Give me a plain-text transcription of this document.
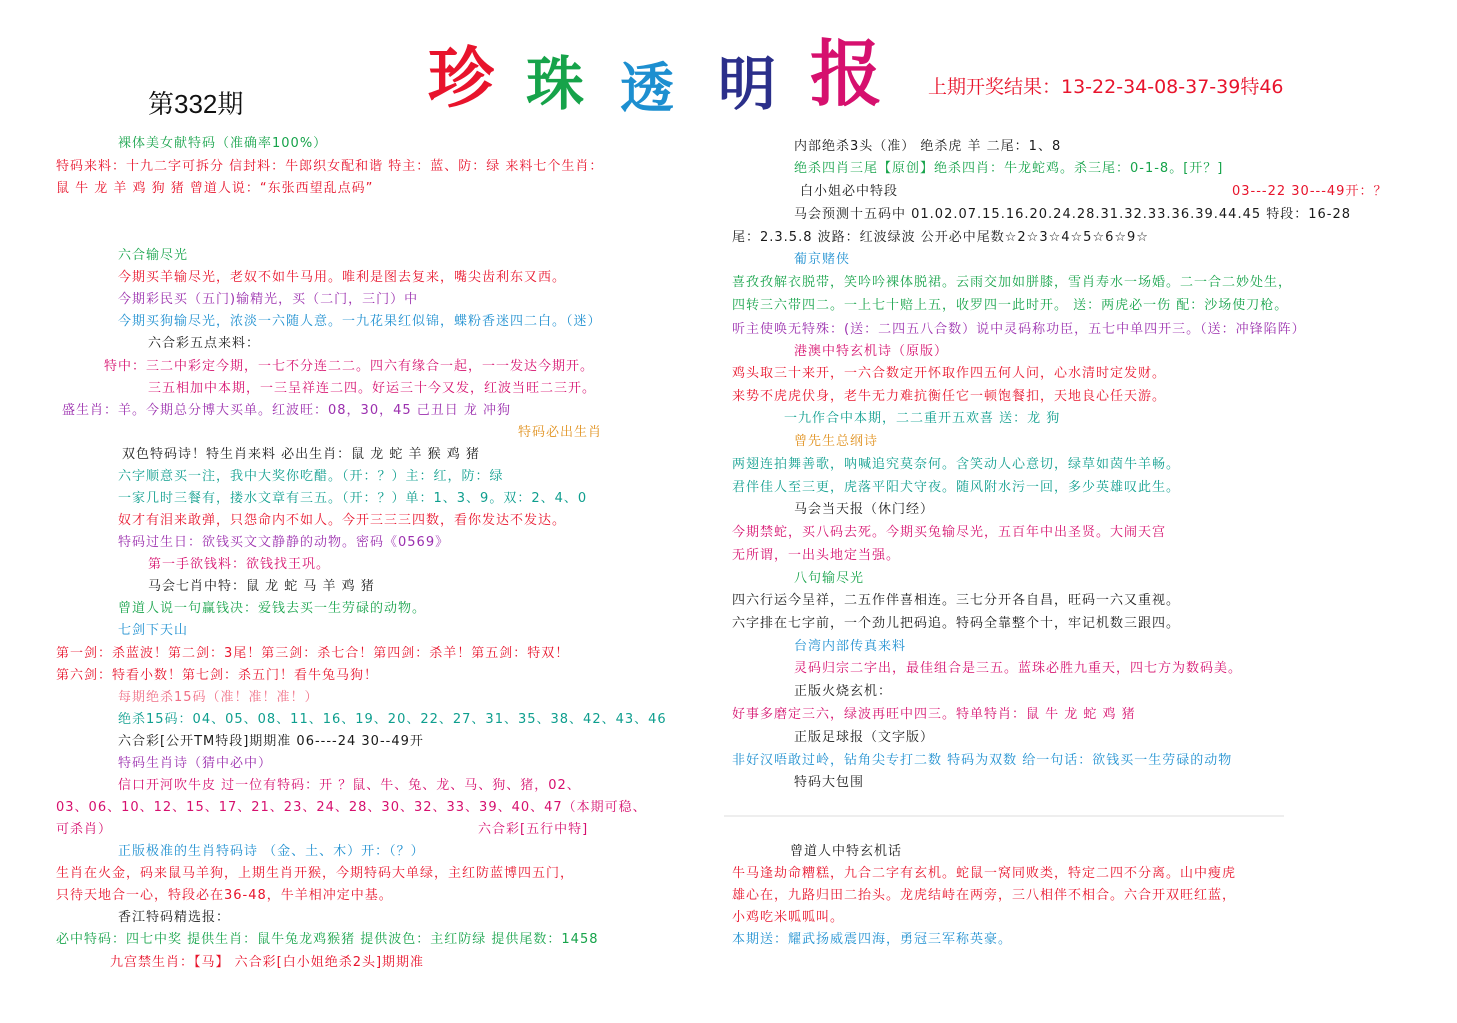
第332期	珍 珠 透 明 报 上期开奖结果：13-22-34-08-37-39特46
裸体美女献特码（准确率100%）
特码来料：十九二字可拆分 信封料：牛郎织女配和谐 特主：蓝、防：绿 来料七个生肖：
鼠 牛 龙 羊 鸡 狗 猪 曾道人说：“东张西望乱点码”
六合输尽光
今期买羊输尽光，老奴不如牛马用。唯利是图去复来，嘴尖齿利东又西。
今期彩民买（五门)输精光，买（二门，三门）中
今期买狗输尽光，浓淡一六随人意。一九花果红似锦，蝶粉香迷四二白。（迷）
六合彩五点来料：
特中：三二中彩定今期，一七不分连二二。四六有缘合一起，一一发达今期开。
三五相加中本期，一三呈祥连二四。好运三十今又发，红波当旺二三开。
盛生肖：羊。今期总分博大买单。红波旺：08，30，45 己丑日 龙 冲狗
特码必出生肖
双色特码诗！特生肖来料 必出生肖：鼠 龙 蛇 羊 猴 鸡 猪
六字顺意买一注，我中大奖你吃醋。（开：？）主：红，防：绿
一家几时三餐有，搂水文章有三五。（开：？）单：1、3、9。双：2、4、0
奴才有泪来敢弹，只怨命内不如人。今开三三三四数，看你发达不发达。
特码过生日：欲钱买文文静静的动物。密码《0569》
第一手欲钱料：欲钱找王巩。
马会七肖中特：鼠 龙 蛇 马 羊 鸡 猪
曾道人说一句赢钱决：爱钱去买一生劳碌的动物。
七剑下天山
第一剑：杀蓝波！第二剑：3尾！第三剑：杀七合！第四剑：杀羊！第五剑：特双！
第六剑：特看小数！第七剑：杀五门！看牛兔马狗！
每期绝杀15码（准！准！准！）
绝杀15码：04、05、08、11、16、19、20、22、27、31、35、38、42、43、46
六合彩[公开TM特段]期期准 06----24 30--49开
特码生肖诗（猜中必中）
信口开河吹牛皮 过一位有特码：开 ？鼠、牛、兔、龙、马、狗、猪，02、
03、06、10、12、15、17、21、23、24、28、30、32、33、39、40、47（本期可稳、
可杀肖）	六合彩[五行中特]
正版极准的生肖特码诗 （金、土、木）开：（？）
生肖在火金，码来鼠马羊狗，上期生肖开猴，今期特码大单绿，主红防蓝博四五门，
只待天地合一心，特段必在36-48，牛羊相冲定中基。
香江特码精选报：
必中特码：四七中奖 提供生肖：鼠牛兔龙鸡猴猪 提供波色：主红防绿 提供尾数：1458
九宫禁生肖：【马】 六合彩[白小姐绝杀2头]期期准
内部绝杀3头（准） 绝杀虎 羊 二尾：1、8
绝杀四肖三尾【原创】绝杀四肖：牛龙蛇鸡。杀三尾：0-1-8。[开？]
白小姐必中特段	03---22 30---49开：？
马会预测十五码中 01.02.07.15.16.20.24.28.31.32.33.36.39.44.45 特段：16-28
尾：2.3.5.8 波路：红波绿波 公开必中尾数☆2☆3☆4☆5☆6☆9☆
葡京赌侠
喜孜孜解衣脱带，笑吟吟裸体脱裙。云雨交加如胼膝，雪肖寿水一场婚。二一合二妙处生，
四转三六带四二。一上七十赔上五，收罗四一此时开。 送：两虎必一伤 配：沙场使刀枪。
听主使唤无特殊：(送：二四五八合数）说中灵码称功臣，五七中单四开三。（送：冲锋陷阵）
港澳中特玄机诗（原版）
鸡头取三十来开，一六合数定开怀取作四五何人问，心水清时定发财。
来势不虎虎伏身，老牛无力难抗衡任它一顿饱餐扣，天地良心任天游。
一九作合中本期，二二重开五欢喜 送：龙 狗
曾先生总纲诗
两翅连拍舞善歌，呐喊追究莫奈何。含笑动人心意切，绿草如茵牛羊畅。
君伴佳人至三更，虎落平阳犬守夜。随风附水污一回，多少英雄叹此生。
马会当天报（休门经）
今期禁蛇，买八码去死。今期买兔输尽光，五百年中出圣贤。大闹天宫
无所谓，一出头地定当强。
八句输尽光
四六行运今呈祥，二五作伴喜相连。三七分开各自昌，旺码一六又重视。
六字排在七字前，一个劲儿把码追。特码全靠整个十，牢记机数三跟四。
台湾内部传真来料
灵码归宗二字出，最佳组合是三五。蓝珠必胜九重天，四七方为数码美。
正版火烧玄机：
好事多磨定三六，绿波再旺中四三。特单特肖：鼠 牛 龙 蛇 鸡 猪
正版足球报（文字版）
非好汉唔敢过岭，钻角尖专打二数 特码为双数 给一句话：欲钱买一生劳碌的动物
特码大包围
曾道人中特玄机话
牛马逢劫命糟糕，九合二字有玄机。蛇鼠一窝同败类，特定二四不分离。山中瘦虎
雄心在，九路归田二抬头。龙虎结峙在两旁，三八相伴不相合。六合开双旺红蓝，
小鸡吃米呱呱叫。
本期送：耀武扬威震四海，勇冠三军称英豪。
